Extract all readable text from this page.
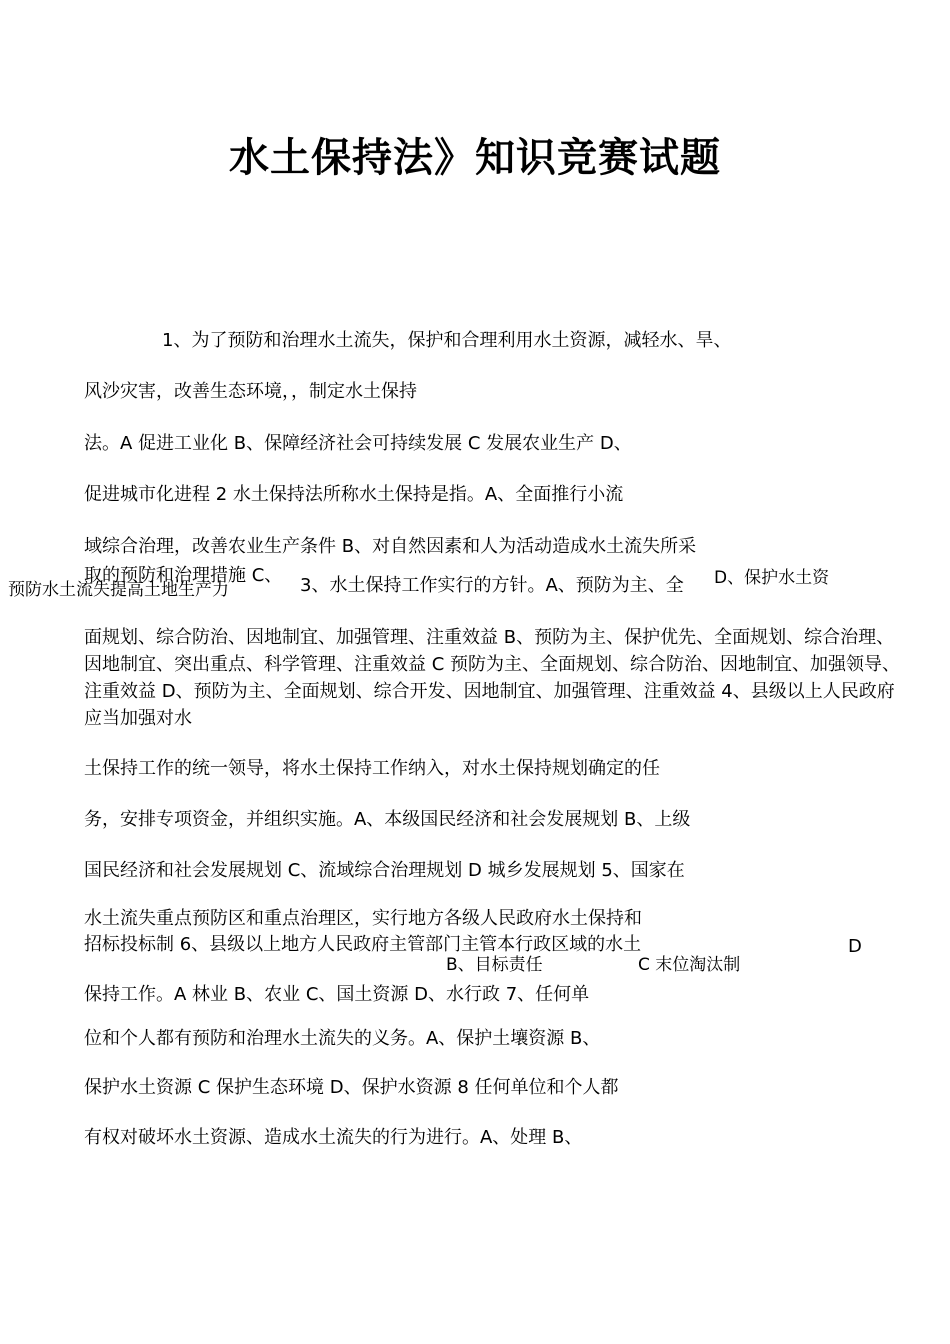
水土保持法》知识竞赛试题
1、为了预防和治理水土流失，保护和合理利用水土资源，减轻水、旱、
风沙灾害，改善生态环境，，制定水土保持
法。A 促进工业化 B、保障经济社会可持续发展 C 发展农业生产 D、
促进城市化进程 2 水土保持法所称水土保持是指。A、全面推行小流
域综合治理，改善农业生产条件 B、对自然因素和人为活动造成水土流失所采
取的预防和治理措施 C、
预防水土流失提高土地生产力
D、保护水土资
3、水土保持工作实行的方针。A、预防为主、全
面规划、综合防治、因地制宜、加强管理、注重效益 B、预防为主、保护优先、全面规划、综合治理、因地制宜、突出重点、科学管理、注重效益 C 预防为主、全面规划、综合防治、因地制宜、加强领导、注重效益 D、预防为主、全面规划、综合开发、因地制宜、加强管理、注重效益 4、县级以上人民政府应当加强对水
土保持工作的统一领导，将水土保持工作纳入，对水土保持规划确定的任
务，安排专项资金，并组织实施。A、本级国民经济和社会发展规划 B、上级
国民经济和社会发展规划 C、流域综合治理规划 D 城乡发展规划 5、国家在
水土流失重点预防区和重点治理区，实行地方各级人民政府水土保持和
招标投标制 6、县级以上地方人民政府主管部门主管本行政区域的水土	D
B、目标责任	C 末位淘汰制
保持工作。A 林业 B、农业 C、国土资源 D、水行政 7、任何单
位和个人都有预防和治理水土流失的义务。A、保护土壤资源 B、
保护水土资源 C 保护生态环境 D、保护水资源 8 任何单位和个人都
有权对破坏水土资源、造成水土流失的行为进行。A、处理 B、
